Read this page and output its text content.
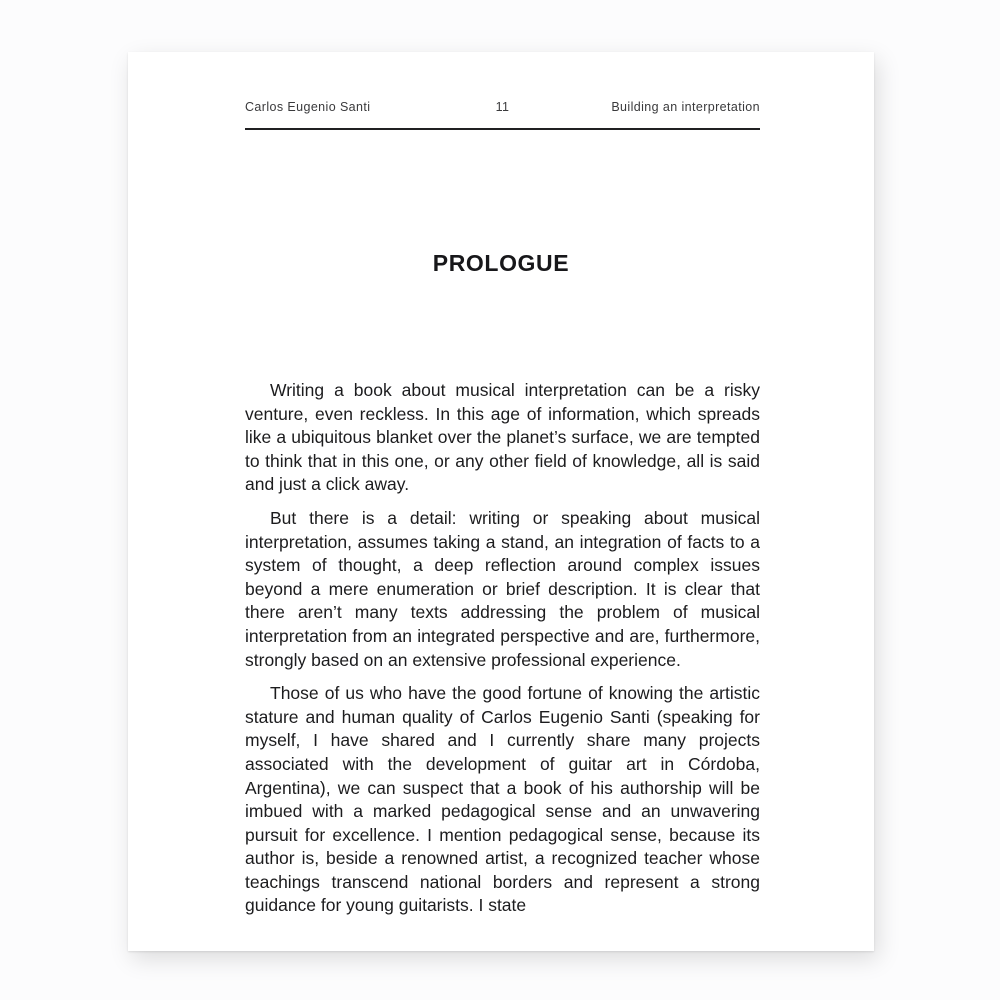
Carlos Eugenio Santi	11	Building an interpretation
PROLOGUE

Writing a book about musical interpretation can be a risky venture, even reckless. In this age of information, which spreads like a ubiquitous blanket over the planet’s surface, we are tempted to think that in this one, or any other field of knowledge, all is said and just a click away.

But there is a detail: writing or speaking about musical interpretation, assumes taking a stand, an integration of facts to a system of thought, a deep reflection around complex issues beyond a mere enumeration or brief description. It is clear that there aren’t many texts addressing the problem of musical interpretation from an integrated perspective and are, furthermore, strongly based on an extensive professional experience.

Those of us who have the good fortune of knowing the artistic stature and human quality of Carlos Eugenio Santi (speaking for myself, I have shared and I currently share many projects associated with the development of guitar art in Córdoba, Argentina), we can suspect that a book of his authorship will be imbued with a marked pedagogical sense and an unwavering pursuit for excellence. I mention pedagogical sense, because its author is, beside a renowned artist, a recognized teacher whose teachings transcend national borders and represent a strong guidance for young guitarists. I state
